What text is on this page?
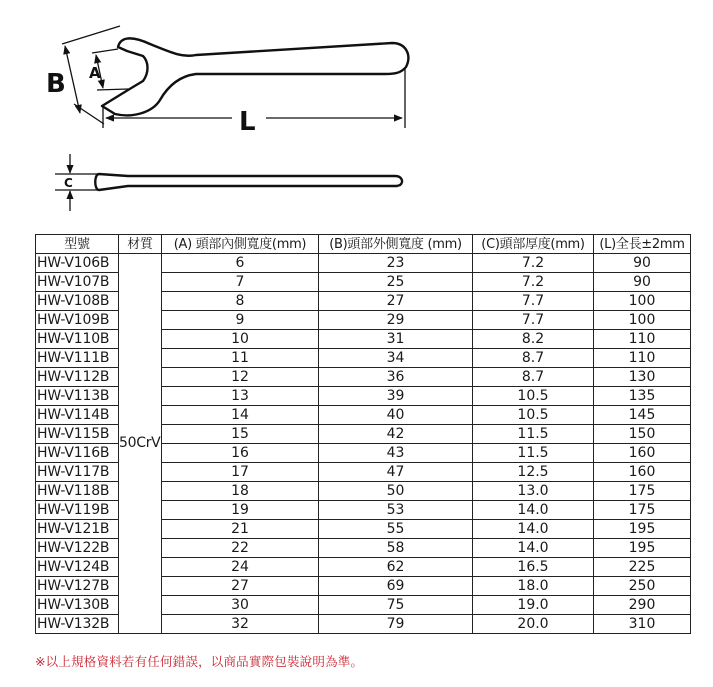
B A
L
C
型號	材質	(A) 頭部內側寬度(mm)	(B)頭部外側寬度 (mm)	(C)頭部厚度(mm)	(L)全長±2mm
HW-V106B	50CrV	6	23	7.2	90
HW-V107B		7	25	7.2	90
HW-V108B		8	27	7.7	100
HW-V109B		9	29	7.7	100
HW-V110B		10	31	8.2	110
HW-V111B		11	34	8.7	110
HW-V112B		12	36	8.7	130
HW-V113B		13	39	10.5	135
HW-V114B		14	40	10.5	145
HW-V115B		15	42	11.5	150
HW-V116B		16	43	11.5	160
HW-V117B		17	47	12.5	160
HW-V118B		18	50	13.0	175
HW-V119B		19	53	14.0	175
HW-V121B		21	55	14.0	195
HW-V122B		22	58	14.0	195
HW-V124B		24	62	16.5	225
HW-V127B		27	69	18.0	250
HW-V130B		30	75	19.0	290
HW-V132B		32	79	20.0	310
※以上規格資料若有任何錯誤，以商品實際包裝說明為準。
